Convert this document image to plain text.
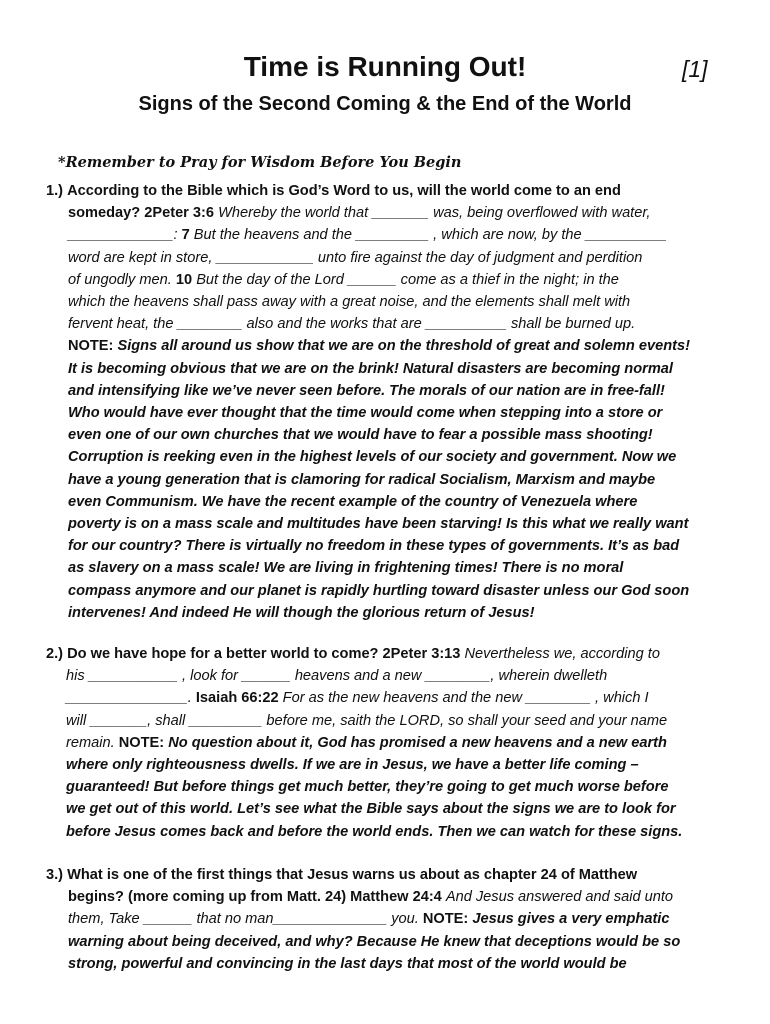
Time is Running Out!	[1]
Signs of the Second Coming & the End of the World
*Remember to Pray for Wisdom Before You Begin
1.) According to the Bible which is God’s Word to us, will the world come to an end
someday? 2Peter 3:6 Whereby the world that _______ was, being overflowed with water,
_____________: 7 But the heavens and the _________ , which are now, by the __________
word are kept in store, ____________ unto fire against the day of judgment and perdition
of ungodly men. 10 But the day of the Lord ______ come as a thief in the night; in the
which the heavens shall pass away with a great noise, and the elements shall melt with
fervent heat, the ________ also and the works that are __________ shall be burned up.
NOTE: Signs all around us show that we are on the threshold of great and solemn events!
It is becoming obvious that we are on the brink! Natural disasters are becoming normal
and intensifying like we’ve never seen before. The morals of our nation are in free-fall!
Who would have ever thought that the time would come when stepping into a store or
even one of our own churches that we would have to fear a possible mass shooting!
Corruption is reeking even in the highest levels of our society and government. Now we
have a young generation that is clamoring for radical Socialism, Marxism and maybe
even Communism. We have the recent example of the country of Venezuela where
poverty is on a mass scale and multitudes have been starving! Is this what we really want
for our country? There is virtually no freedom in these types of governments. It’s as bad
as slavery on a mass scale! We are living in frightening times! There is no moral
compass anymore and our planet is rapidly hurtling toward disaster unless our God soon
intervenes! And indeed He will though the glorious return of Jesus!
2.) Do we have hope for a better world to come? 2Peter 3:13 Nevertheless we, according to
his ___________ , look for ______ heavens and a new ________, wherein dwelleth
_______________. Isaiah 66:22 For as the new heavens and the new ________ , which I
will _______, shall _________ before me, saith the LORD, so shall your seed and your name
remain. NOTE: No question about it, God has promised a new heavens and a new earth
where only righteousness dwells. If we are in Jesus, we have a better life coming –
guaranteed! But before things get much better, they’re going to get much worse before
we get out of this world. Let’s see what the Bible says about the signs we are to look for
before Jesus comes back and before the world ends. Then we can watch for these signs.
3.) What is one of the first things that Jesus warns us about as chapter 24 of Matthew
begins? (more coming up from Matt. 24) Matthew 24:4 And Jesus answered and said unto
them, Take ______ that no man______________ you. NOTE: Jesus gives a very emphatic
warning about being deceived, and why? Because He knew that deceptions would be so
strong, powerful and convincing in the last days that most of the world would be
